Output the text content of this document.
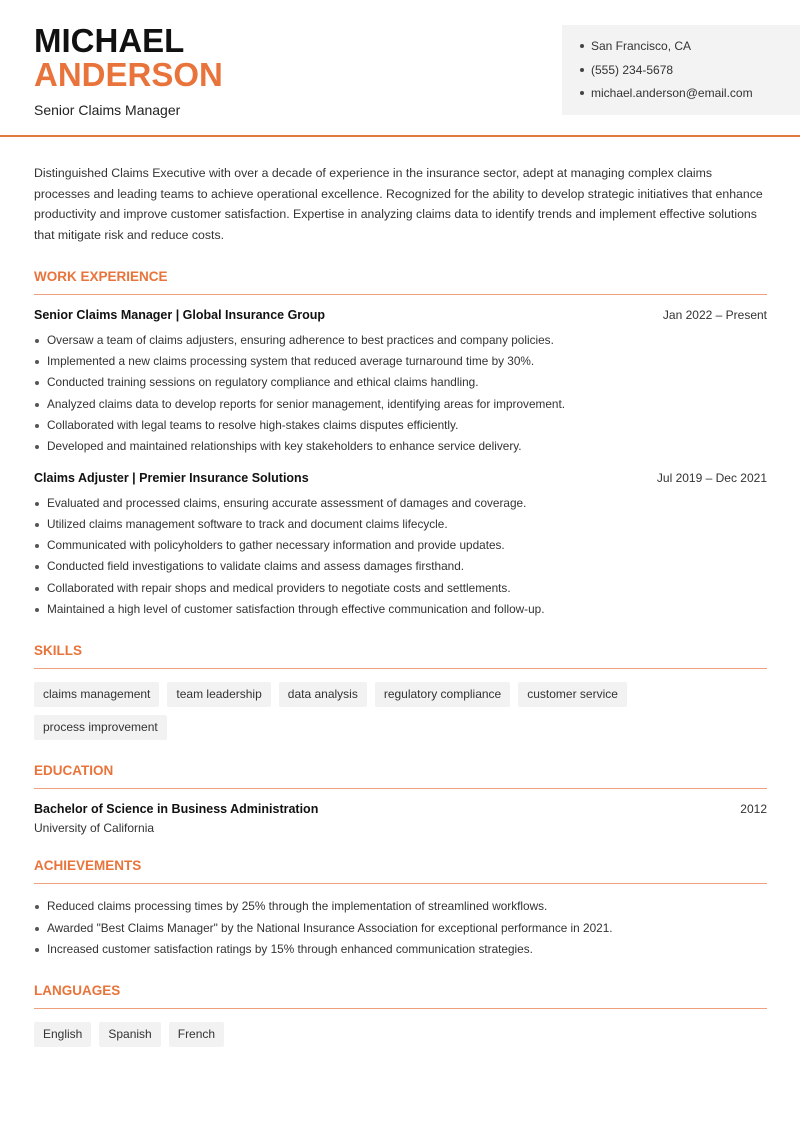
MICHAEL
ANDERSON
Senior Claims Manager
San Francisco, CA
(555) 234-5678
michael.anderson@email.com

Distinguished Claims Executive with over a decade of experience in the insurance sector, adept at managing complex claims processes and leading teams to achieve operational excellence. Recognized for the ability to develop strategic initiatives that enhance productivity and improve customer satisfaction. Expertise in analyzing claims data to identify trends and implement effective solutions that mitigate risk and reduce costs.

WORK EXPERIENCE
Senior Claims Manager | Global Insurance Group	Jan 2022 – Present
Oversaw a team of claims adjusters, ensuring adherence to best practices and company policies.
Implemented a new claims processing system that reduced average turnaround time by 30%.
Conducted training sessions on regulatory compliance and ethical claims handling.
Analyzed claims data to develop reports for senior management, identifying areas for improvement.
Collaborated with legal teams to resolve high-stakes claims disputes efficiently.
Developed and maintained relationships with key stakeholders to enhance service delivery.
Claims Adjuster | Premier Insurance Solutions	Jul 2019 – Dec 2021
Evaluated and processed claims, ensuring accurate assessment of damages and coverage.
Utilized claims management software to track and document claims lifecycle.
Communicated with policyholders to gather necessary information and provide updates.
Conducted field investigations to validate claims and assess damages firsthand.
Collaborated with repair shops and medical providers to negotiate costs and settlements.
Maintained a high level of customer satisfaction through effective communication and follow-up.
SKILLS
claims management	team leadership	data analysis	regulatory compliance	customer service
process improvement
EDUCATION
Bachelor of Science in Business Administration	2012
University of California
ACHIEVEMENTS
Reduced claims processing times by 25% through the implementation of streamlined workflows.
Awarded "Best Claims Manager" by the National Insurance Association for exceptional performance in 2021.
Increased customer satisfaction ratings by 15% through enhanced communication strategies.
LANGUAGES
English	Spanish	French
